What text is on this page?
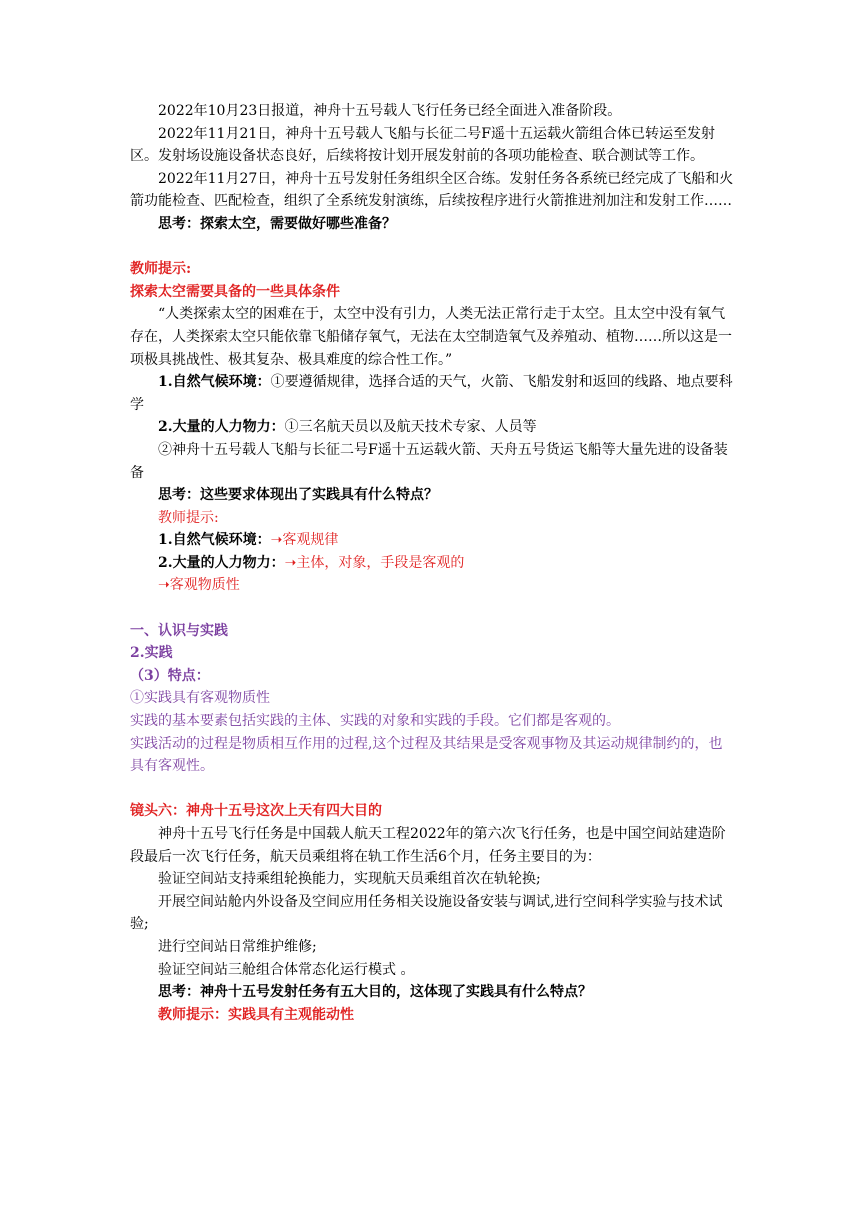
2022年10月23日报道，神舟十五号载人飞行任务已经全面进入准备阶段。

2022年11月21日，神舟十五号载人飞船与长征二号F遥十五运载火箭组合体已转运至发射区。发射场设施设备状态良好，后续将按计划开展发射前的各项功能检查、联合测试等工作。

2022年11月27日，神舟十五号发射任务组织全区合练。发射任务各系统已经完成了飞船和火箭功能检查、匹配检查，组织了全系统发射演练，后续按程序进行火箭推进剂加注和发射工作……

思考：探索太空，需要做好哪些准备？

教师提示:

探索太空需要具备的一些具体条件

“人类探索太空的困难在于，太空中没有引力，人类无法正常行走于太空。且太空中没有氧气存在，人类探索太空只能依靠飞船储存氧气，无法在太空制造氧气及养殖动、植物……所以这是一项极具挑战性、极其复杂、极具难度的综合性工作。”

1.自然气候环境：①要遵循规律，选择合适的天气，火箭、飞船发射和返回的线路、地点要科学

2.大量的人力物力：①三名航天员以及航天技术专家、人员等

②神舟十五号载人飞船与长征二号F遥十五运载火箭、天舟五号货运飞船等大量先进的设备装备

思考：这些要求体现出了实践具有什么特点？

教师提示:

1.自然气候环境：➝客观规律

2.大量的人力物力：➝主体，对象，手段是客观的

➝客观物质性

一、认识与实践

2.实践

（3）特点：

①实践具有客观物质性

实践的基本要素包括实践的主体、实践的对象和实践的手段。它们都是客观的。

实践活动的过程是物质相互作用的过程,这个过程及其结果是受客观事物及其运动规律制约的，也具有客观性。

镜头六：神舟十五号这次上天有四大目的

神舟十五号飞行任务是中国载人航天工程2022年的第六次飞行任务，也是中国空间站建造阶段最后一次飞行任务，航天员乘组将在轨工作生活6个月，任务主要目的为：

验证空间站支持乘组轮换能力，实现航天员乘组首次在轨轮换;

开展空间站舱内外设备及空间应用任务相关设施设备安装与调试,进行空间科学实验与技术试验;

进行空间站日常维护维修;

验证空间站三舱组合体常态化运行模式 。

思考：神舟十五号发射任务有五大目的，这体现了实践具有什么特点？

教师提示：实践具有主观能动性
